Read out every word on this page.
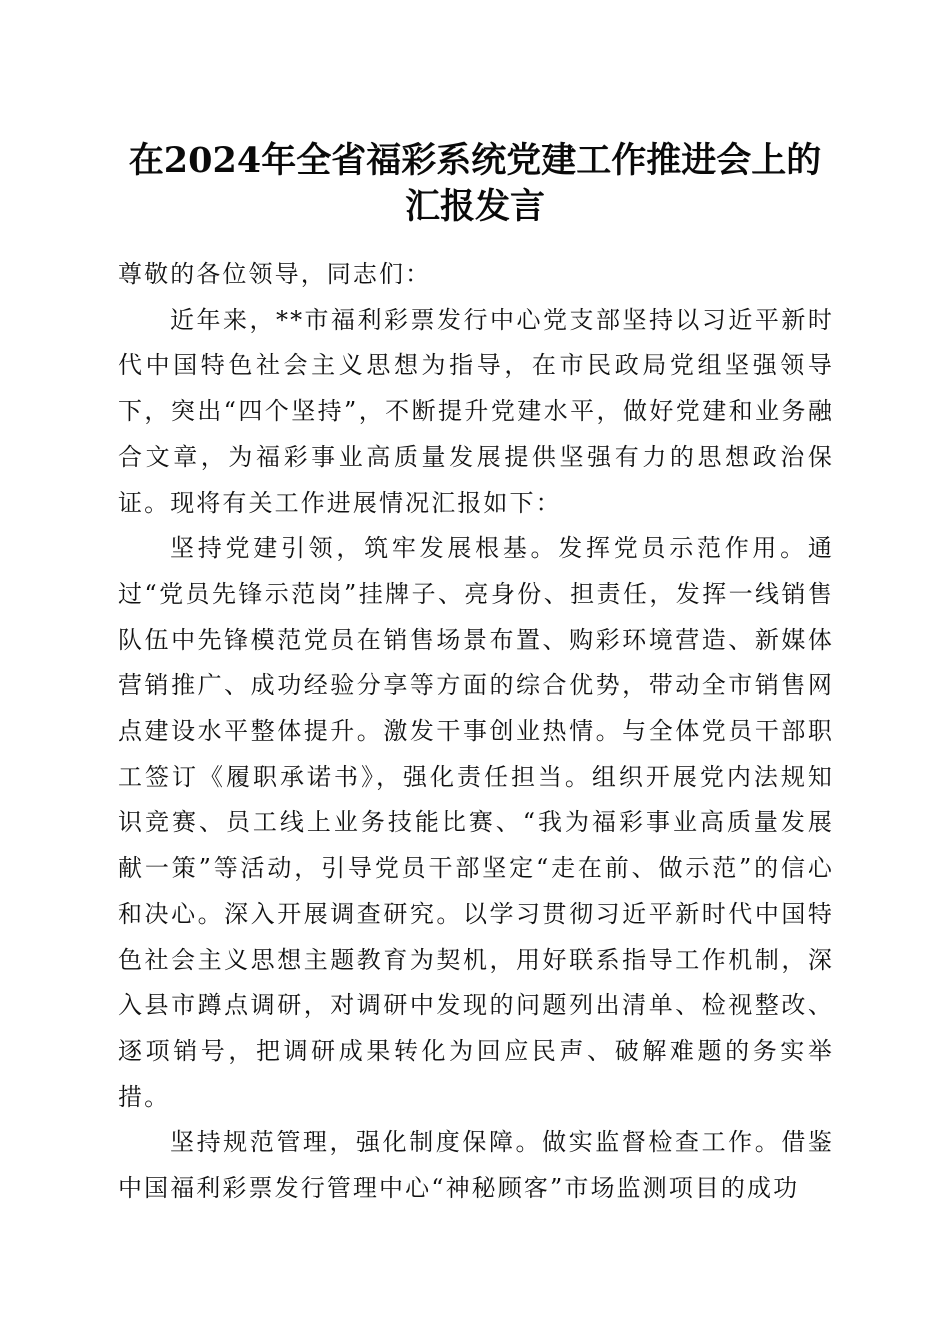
在2024年全省福彩系统党建工作推进会上的
汇报发言

尊敬的各位领导，同志们：

近年来，**市福利彩票发行中心党支部坚持以习近平新时代中国特色社会主义思想为指导，在市民政局党组坚强领导下，突出“四个坚持”，不断提升党建水平，做好党建和业务融合文章，为福彩事业高质量发展提供坚强有力的思想政治保证。现将有关工作进展情况汇报如下：

坚持党建引领，筑牢发展根基。发挥党员示范作用。通过“党员先锋示范岗”挂牌子、亮身份、担责任，发挥一线销售队伍中先锋模范党员在销售场景布置、购彩环境营造、新媒体营销推广、成功经验分享等方面的综合优势，带动全市销售网点建设水平整体提升。激发干事创业热情。与全体党员干部职工签订《履职承诺书》，强化责任担当。组织开展党内法规知识竞赛、员工线上业务技能比赛、“我为福彩事业高质量发展献一策”等活动，引导党员干部坚定“走在前、做示范”的信心和决心。深入开展调查研究。以学习贯彻习近平新时代中国特色社会主义思想主题教育为契机，用好联系指导工作机制，深入县市蹲点调研，对调研中发现的问题列出清单、检视整改、逐项销号，把调研成果转化为回应民声、破解难题的务实举措。

坚持规范管理，强化制度保障。做实监督检查工作。借鉴中国福利彩票发行管理中心“神秘顾客”市场监测项目的成功
